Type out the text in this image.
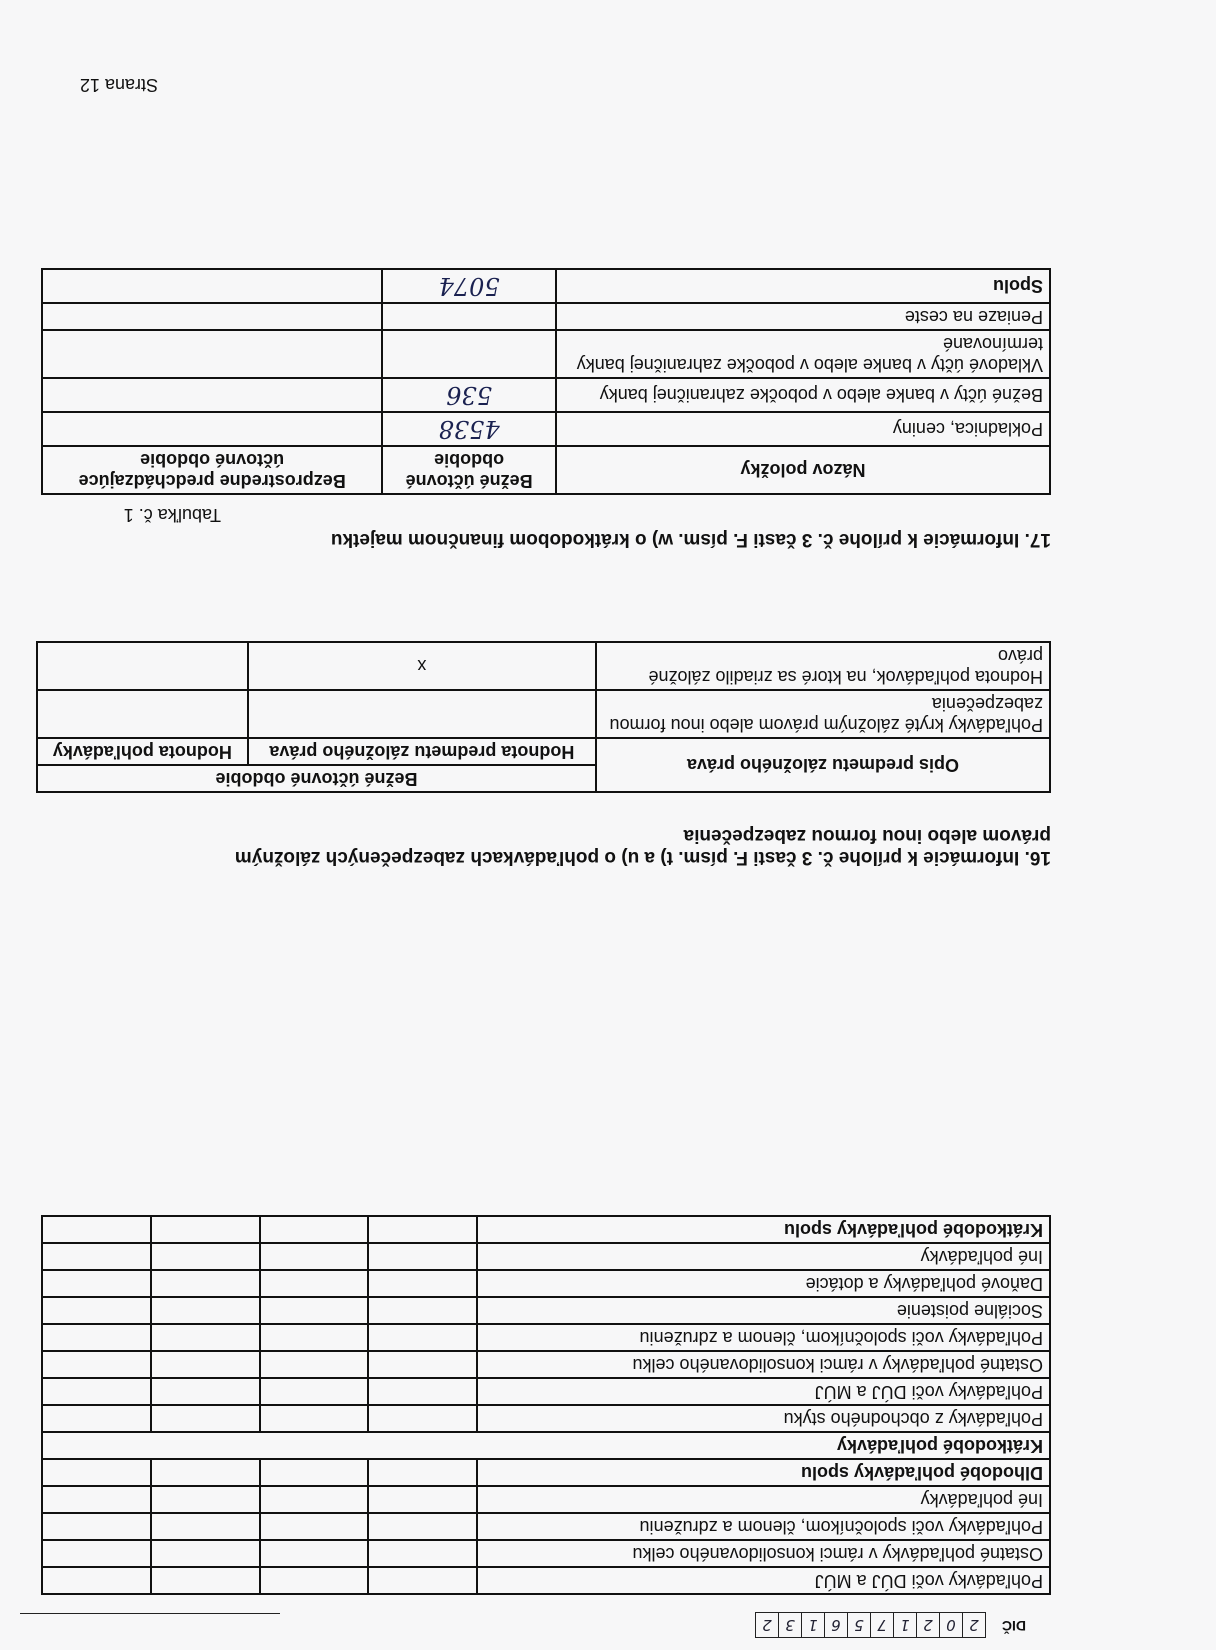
DIČ
2
0
2
1
7
5
6
1
3
2
Pohľadávky voči DÚJ a MÚJ				
Ostatné pohľadávky v rámci konsolidovaného celku				
Pohľadávky voči spoločníkom, členom a združeniu				
Iné pohľadávky				
Dlhodobé pohľadávky spolu				
Krátkodobé pohľadávky				
Pohľadávky z obchodného styku				
Pohľadávky voči DÚJ a MÚJ				
Ostatné pohľadávky v rámci konsolidovaného celku				
Pohľadávky voči spoločníkom, členom a združeniu				
Sociálne poistenie				
Daňové pohľadávky a dotácie				
Iné pohľadávky				
Krátkodobé pohľadávky spolu				
16. Informácie k prílohe č. 3 časti F. písm. t) a u) o pohľadávkach zabezpečených záložným právom alebo inou formou zabezpečenia
Opis predmetu záložného práva	Bežné účtovné obdobie	
	Hodnota predmetu záložného práva	Hodnota pohľadávky
Pohľadávky kryté záložným právom alebo inou formou zabezpečenia		
Hodnota pohľadávok, na ktoré sa zriadilo záložné právo	x	
17. Informácie k prílohe č. 3 časti F. písm. w) o krátkodobom finančnom majetku
Tabuľka č. 1
Názov položky	Bežné účtovné obdobie	Bezprostredne predchádzajúce účtovné obdobie
Pokladnica, ceniny	4538	
Bežné účty v banke alebo v pobočke zahraničnej banky	536	
Vkladové účty v banke alebo v pobočke zahraničnej banky termínované		
Peniaze na ceste		
Spolu	5074	
Strana 12
